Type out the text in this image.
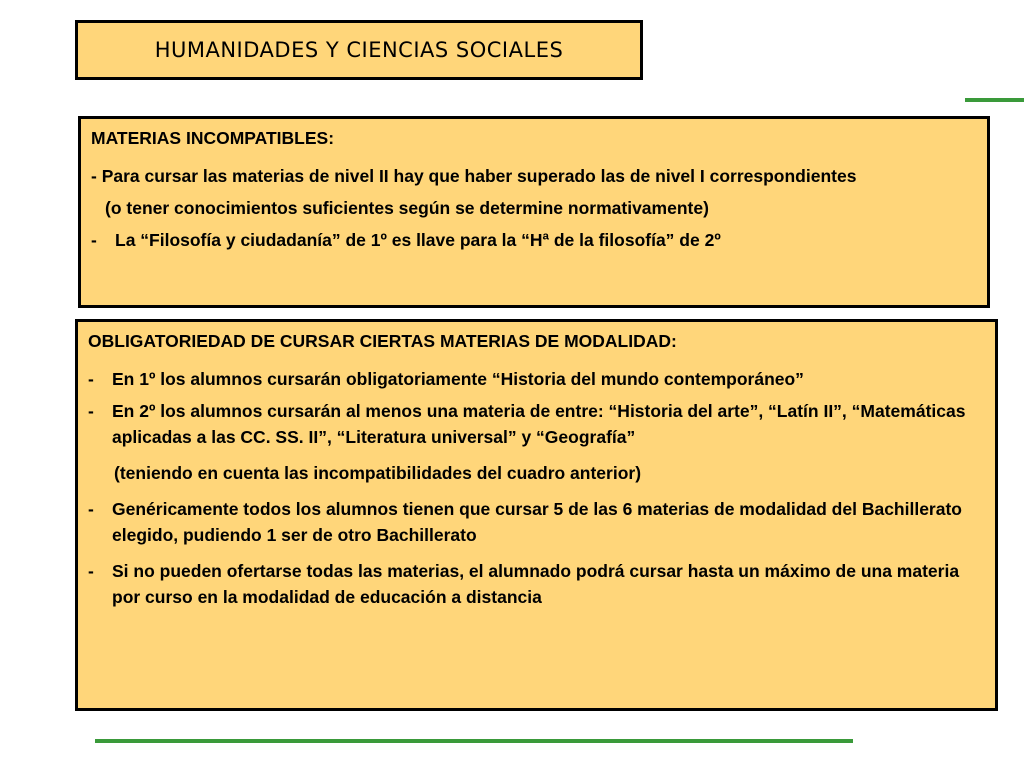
HUMANIDADES Y CIENCIAS SOCIALES

MATERIAS INCOMPATIBLES:

- Para cursar las materias de nivel II hay que haber superado las de nivel I correspondientes

(o tener conocimientos suficientes según se determine normativamente)

-	La “Filosofía y ciudadanía” de 1º es llave para la “Hª de la filosofía” de 2º

OBLIGATORIEDAD DE CURSAR CIERTAS MATERIAS DE MODALIDAD:

-	En 1º los alumnos cursarán obligatoriamente “Historia del mundo contemporáneo”
-	En 2º los alumnos cursarán al menos una materia de entre: “Historia del arte”, “Latín II”, “Matemáticas aplicadas a las CC. SS. II”, “Literatura universal” y “Geografía”

(teniendo en cuenta las incompatibilidades del cuadro anterior)

-	Genéricamente todos los alumnos tienen que cursar 5 de las 6 materias de modalidad del Bachillerato elegido, pudiendo 1 ser de otro Bachillerato
-	Si no pueden ofertarse todas las materias, el alumnado podrá cursar hasta un máximo de una materia por curso en la modalidad de educación a distancia
